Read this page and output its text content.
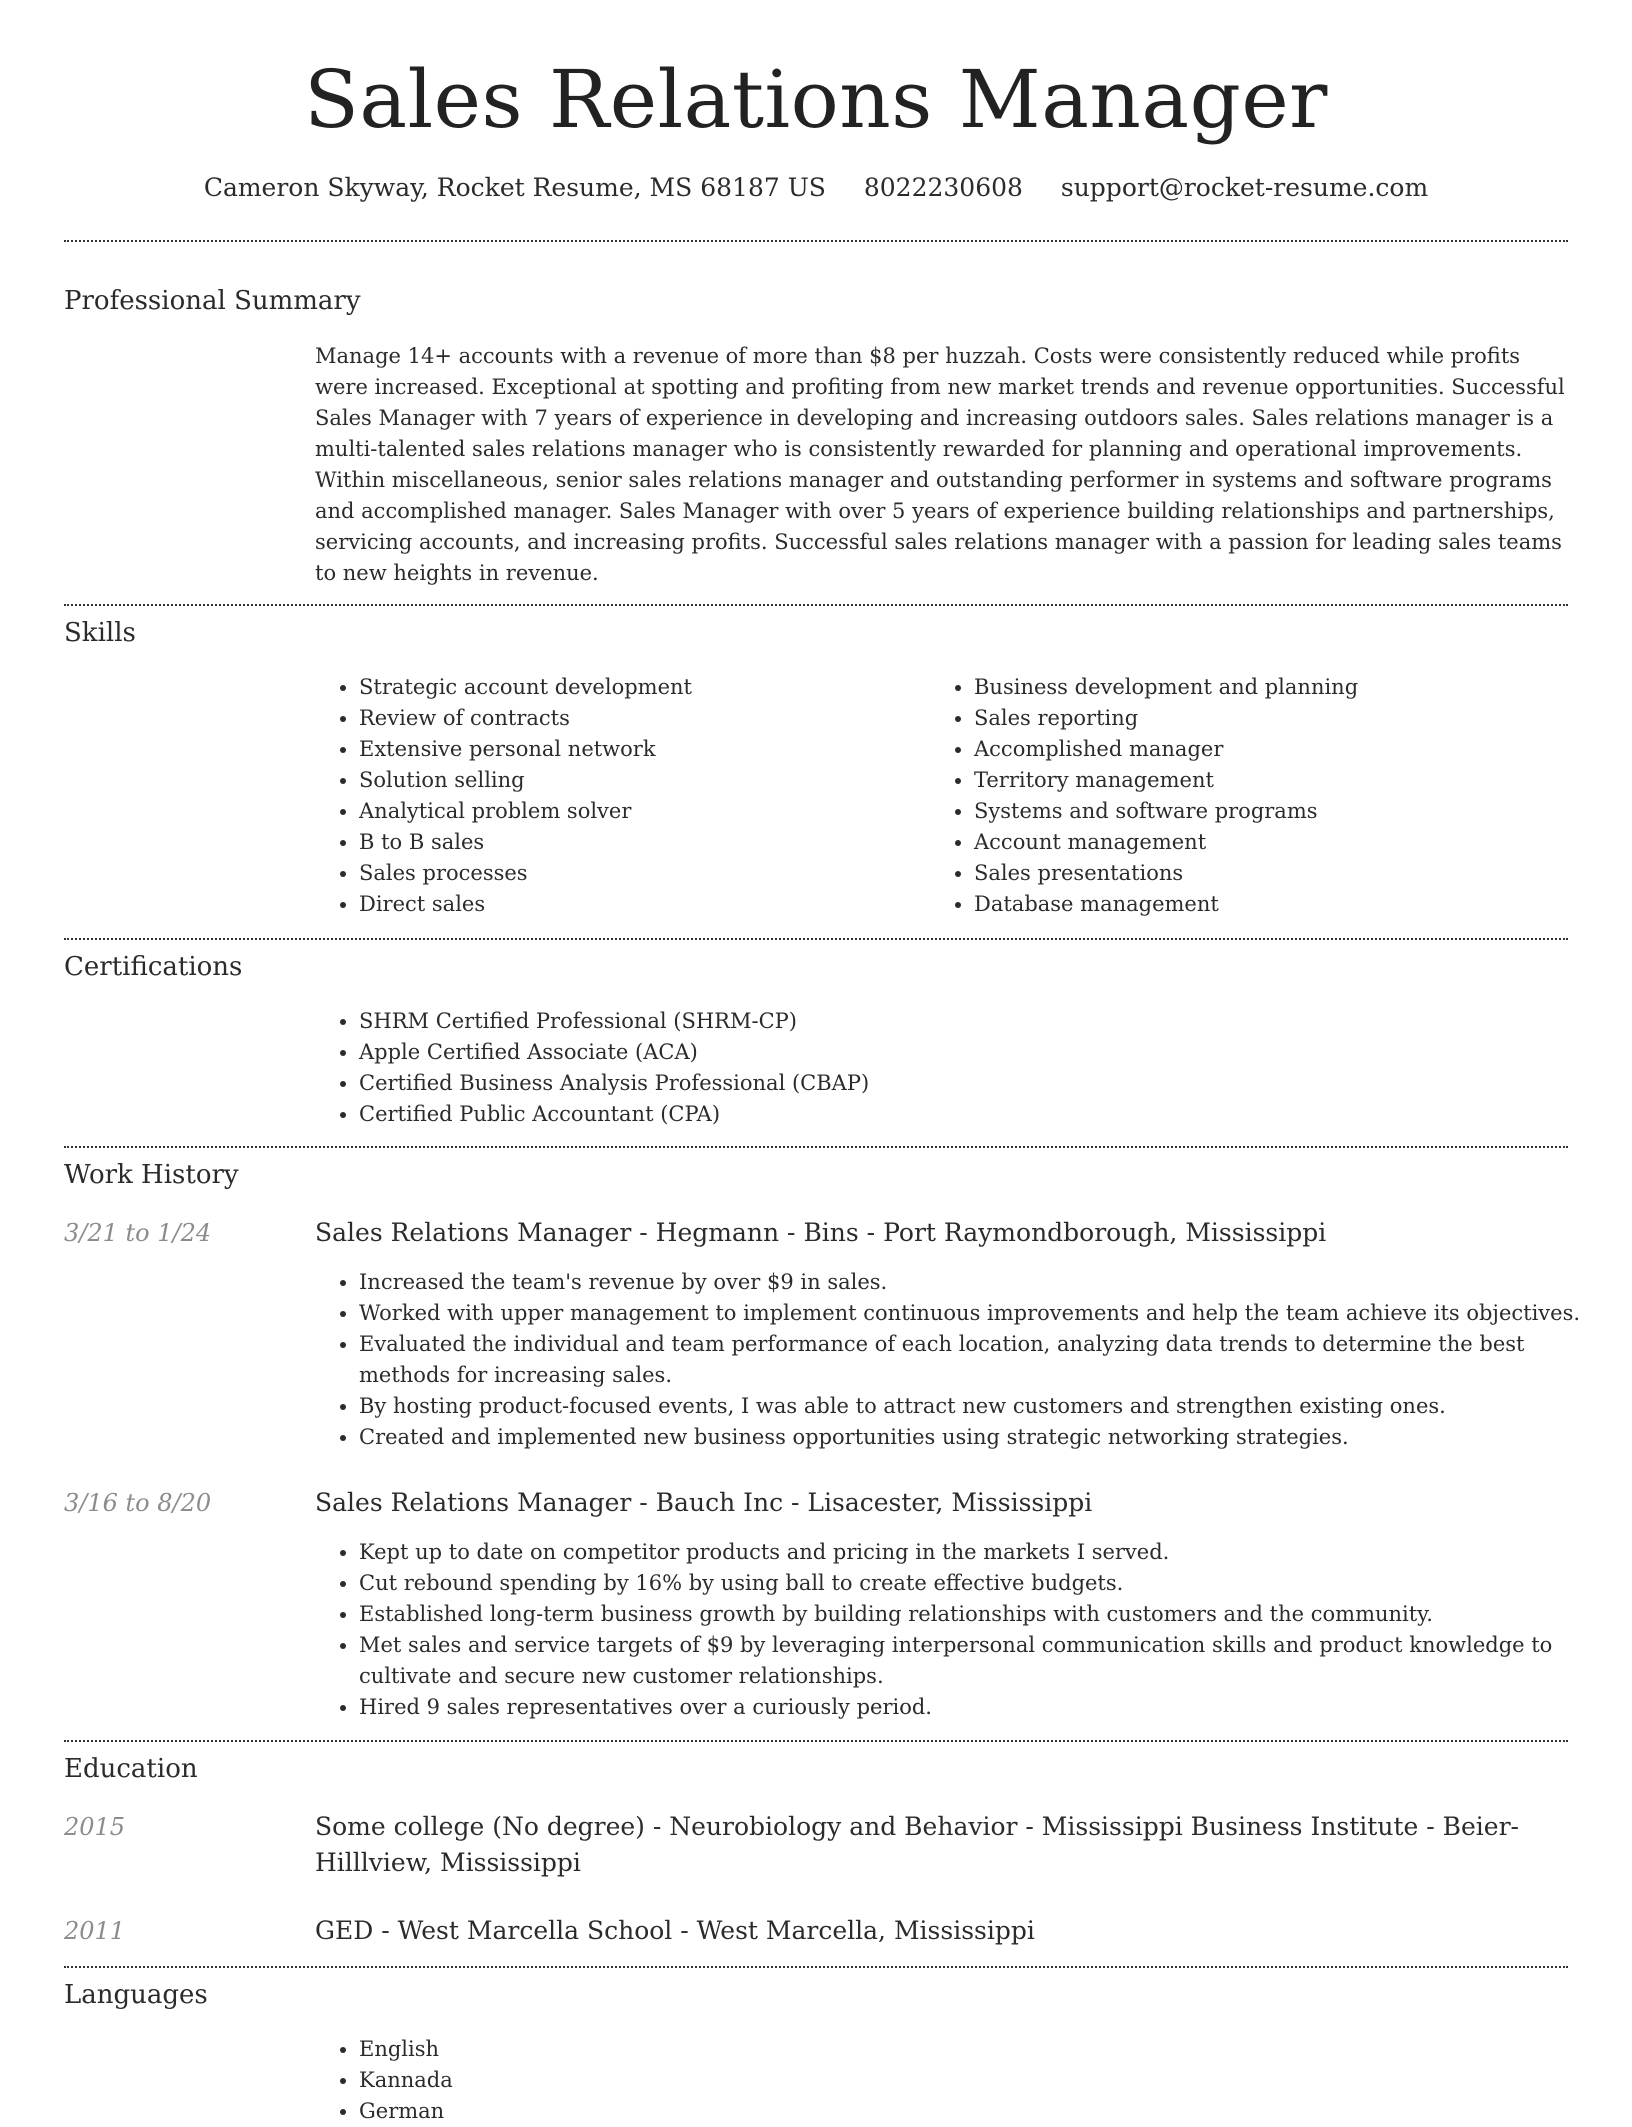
Sales Relations Manager
Cameron Skyway, Rocket Resume, MS 68187 US 8022230608 support@rocket-resume.com
Professional Summary

Manage 14+ accounts with a revenue of more than $8 per huzzah. Costs were consistently reduced while profits were increased. Exceptional at spotting and profiting from new market trends and revenue opportunities. Successful Sales Manager with 7 years of experience in developing and increasing outdoors sales. Sales relations manager is a multi-talented sales relations manager who is consistently rewarded for planning and operational improvements. Within miscellaneous, senior sales relations manager and outstanding performer in systems and software programs and accomplished manager. Sales Manager with over 5 years of experience building relationships and partnerships, servicing accounts, and increasing profits. Successful sales relations manager with a passion for leading sales teams to new heights in revenue.

Skills
• Strategic account development
• Review of contracts
• Extensive personal network
• Solution selling
• Analytical problem solver
• B to B sales
• Sales processes
• Direct sales
• Business development and planning
• Sales reporting
• Accomplished manager
• Territory management
• Systems and software programs
• Account management
• Sales presentations
• Database management
Certifications
• SHRM Certified Professional (SHRM-CP)
• Apple Certified Associate (ACA)
• Certified Business Analysis Professional (CBAP)
• Certified Public Accountant (CPA)
Work History
3/21 to 1/24	Sales Relations Manager - Hegmann - Bins - Port Raymondborough, Mississippi
• Increased the team's revenue by over $9 in sales.
• Worked with upper management to implement continuous improvements and help the team achieve its objectives.
• Evaluated the individual and team performance of each location, analyzing data trends to determine the best methods for increasing sales.
• By hosting product-focused events, I was able to attract new customers and strengthen existing ones.
• Created and implemented new business opportunities using strategic networking strategies.
3/16 to 8/20	Sales Relations Manager - Bauch Inc - Lisacester, Mississippi
• Kept up to date on competitor products and pricing in the markets I served.
• Cut rebound spending by 16% by using ball to create effective budgets.
• Established long-term business growth by building relationships with customers and the community.
• Met sales and service targets of $9 by leveraging interpersonal communication skills and product knowledge to cultivate and secure new customer relationships.
• Hired 9 sales representatives over a curiously period.
Education
2015	Some college (No degree) - Neurobiology and Behavior - Mississippi Business Institute - Beier-Hilllview, Mississippi
2011	GED - West Marcella School - West Marcella, Mississippi
Languages
• English
• Kannada
• German
